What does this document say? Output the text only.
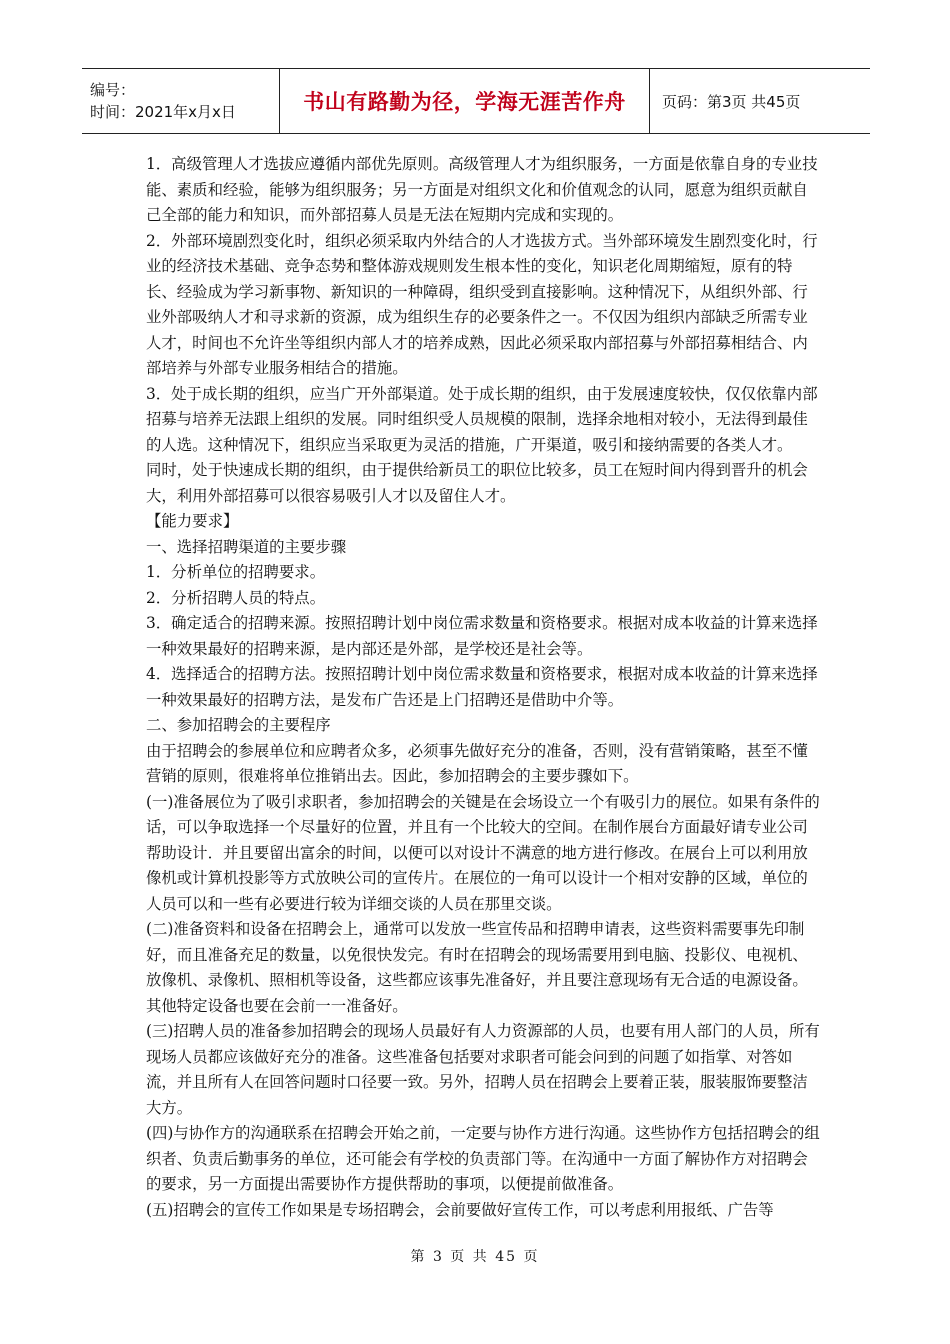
编号：
时间：2021年x月x日	书山有路勤为径，学海无涯苦作舟 页码：第3页 共45页

1．高级管理人才选拔应遵循内部优先原则。高级管理人才为组织服务，一方面是依靠自身的专业技能、素质和经验，能够为组织服务；另一方面是对组织文化和价值观念的认同，愿意为组织贡献自己全部的能力和知识，而外部招募人员是无法在短期内完成和实现的。

2．外部环境剧烈变化时，组织必须采取内外结合的人才选拔方式。当外部环境发生剧烈变化时，行业的经济技术基础、竞争态势和整体游戏规则发生根本性的变化，知识老化周期缩短，原有的特长、经验成为学习新事物、新知识的一种障碍，组织受到直接影响。这种情况下，从组织外部、行业外部吸纳人才和寻求新的资源，成为组织生存的必要条件之一。不仅因为组织内部缺乏所需专业人才，时间也不允许坐等组织内部人才的培养成熟，因此必须采取内部招募与外部招募相结合、内部培养与外部专业服务相结合的措施。

3．处于成长期的组织，应当广开外部渠道。处于成长期的组织，由于发展速度较快，仅仅依靠内部招募与培养无法跟上组织的发展。同时组织受人员规模的限制，选择余地相对较小，无法得到最佳的人选。这种情况下，组织应当采取更为灵活的措施，广开渠道，吸引和接纳需要的各类人才。

同时，处于快速成长期的组织，由于提供给新员工的职位比较多，员工在短时间内得到晋升的机会大，利用外部招募可以很容易吸引人才以及留住人才。

【能力要求】

一、选择招聘渠道的主要步骤

1．分析单位的招聘要求。

2．分析招聘人员的特点。

3．确定适合的招聘来源。按照招聘计划中岗位需求数量和资格要求。根据对成本收益的计算来选择一种效果最好的招聘来源，是内部还是外部，是学校还是社会等。

4．选择适合的招聘方法。按照招聘计划中岗位需求数量和资格要求，根据对成本收益的计算来选择一种效果最好的招聘方法，是发布广告还是上门招聘还是借助中介等。

二、参加招聘会的主要程序

由于招聘会的参展单位和应聘者众多，必须事先做好充分的准备，否则，没有营销策略，甚至不懂营销的原则，很难将单位推销出去。因此，参加招聘会的主要步骤如下。

(一)准备展位为了吸引求职者，参加招聘会的关键是在会场设立一个有吸引力的展位。如果有条件的话，可以争取选择一个尽量好的位置，并且有一个比较大的空间。在制作展台方面最好请专业公司帮助设计．并且要留出富余的时间，以便可以对设计不满意的地方进行修改。在展台上可以利用放像机或计算机投影等方式放映公司的宣传片。在展位的一角可以设计一个相对安静的区域，单位的人员可以和一些有必要进行较为详细交谈的人员在那里交谈。

(二)准备资料和设备在招聘会上，通常可以发放一些宣传品和招聘申请表，这些资料需要事先印制好，而且准备充足的数量，以免很快发完。有时在招聘会的现场需要用到电脑、投影仪、电视机、放像机、录像机、照相机等设备，这些都应该事先准备好，并且要注意现场有无合适的电源设备。其他特定设备也要在会前一一准备好。

(三)招聘人员的准备参加招聘会的现场人员最好有人力资源部的人员，也要有用人部门的人员，所有现场人员都应该做好充分的准备。这些准备包括要对求职者可能会问到的问题了如指掌、对答如流，并且所有人在回答问题时口径要一致。另外，招聘人员在招聘会上要着正装，服装服饰要整洁大方。

(四)与协作方的沟通联系在招聘会开始之前，一定要与协作方进行沟通。这些协作方包括招聘会的组织者、负责后勤事务的单位，还可能会有学校的负责部门等。在沟通中一方面了解协作方对招聘会的要求，另一方面提出需要协作方提供帮助的事项，以便提前做准备。

(五)招聘会的宣传工作如果是专场招聘会，会前要做好宣传工作，可以考虑利用报纸、广告等

第 3 页 共 45 页
